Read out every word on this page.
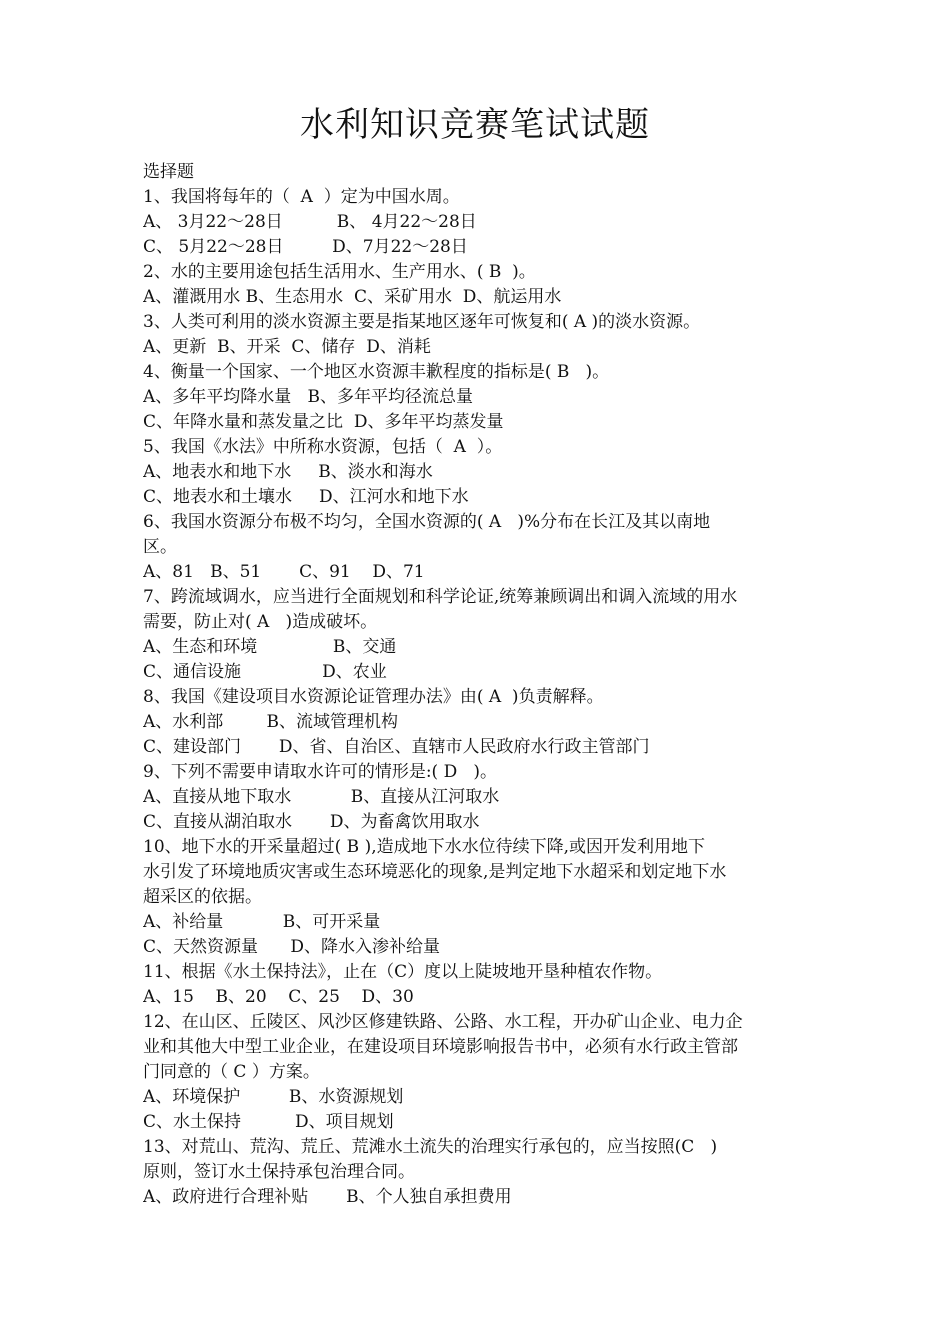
水利知识竞赛笔试试题
选择题
1、我国将每年的（  A  ）定为中国水周。
A、 3月22～28日          B、 4月22～28日
C、 5月22～28日         D、7月22～28日
2、水的主要用途包括生活用水、生产用水、( B  )。
A、灌溉用水 B、生态用水  C、采矿用水  D、航运用水
3、人类可利用的淡水资源主要是指某地区逐年可恢复和( A )的淡水资源。
A、更新  B、开采  C、储存  D、消耗
4、衡量一个国家、一个地区水资源丰歉程度的指标是( B   )。
A、多年平均降水量   B、多年平均径流总量
C、年降水量和蒸发量之比  D、多年平均蒸发量
5、我国《水法》中所称水资源，包括（  A  ）。
A、地表水和地下水     B、淡水和海水
C、地表水和土壤水     D、江河水和地下水
6、我国水资源分布极不均匀，全国水资源的( A   )%分布在长江及其以南地
区。
A、81   B、51       C、91    D、71
7、跨流域调水，应当进行全面规划和科学论证,统筹兼顾调出和调入流域的用水
需要，防止对( A   )造成破坏。
A、生态和环境              B、交通
C、通信设施               D、农业
8、我国《建设项目水资源论证管理办法》由( A  )负责解释。
A、水利部        B、流域管理机构
C、建设部门       D、省、自治区、直辖市人民政府水行政主管部门
9、下列不需要申请取水许可的情形是:( D   )。
A、直接从地下取水           B、直接从江河取水
C、直接从湖泊取水       D、为畜禽饮用取水
10、地下水的开采量超过( B ),造成地下水水位待续下降,或因开发利用地下
水引发了环境地质灾害或生态环境恶化的现象,是判定地下水超采和划定地下水
超采区的依据。
A、补给量           B、可开采量
C、天然资源量      D、降水入渗补给量
11、根据《水土保持法》，止在（C）度以上陡坡地开垦种植农作物。
A、15    B、20    C、25    D、30
12、在山区、丘陵区、风沙区修建铁路、公路、水工程，开办矿山企业、电力企
业和其他大中型工业企业，在建设项目环境影响报告书中，必须有水行政主管部
门同意的（ C ）方案。
A、环境保护         B、水资源规划
C、水土保持          D、项目规划
13、对荒山、荒沟、荒丘、荒滩水土流失的治理实行承包的，应当按照(C   )
原则，签订水土保持承包治理合同。
A、政府进行合理补贴       B、个人独自承担费用
